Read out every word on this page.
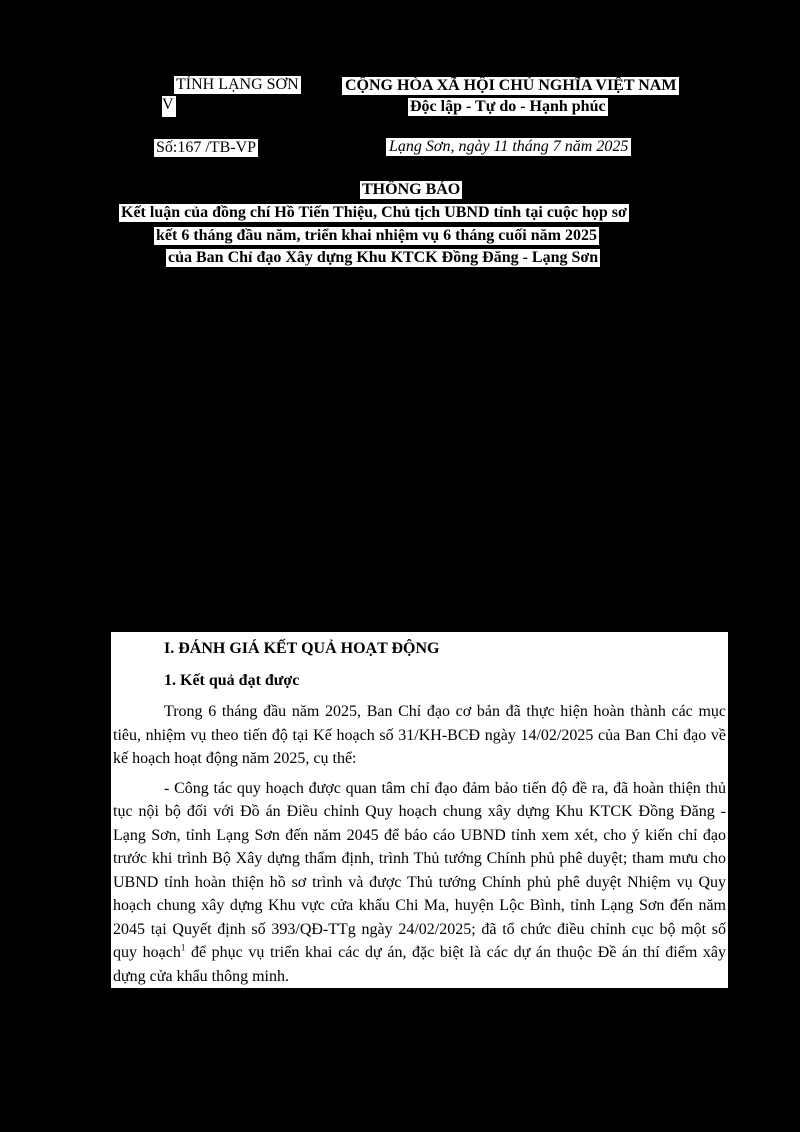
TỈNH LẠNG SƠN
V
CỘNG HÒA XÃ HỘI CHỦ NGHĨA VIỆT NAM
Độc lập - Tự do - Hạnh phúc
Số:167 /TB-VP	Lạng Sơn, ngày 11 tháng 7 năm 2025
THÔNG BÁO
Kết luận của đồng chí Hồ Tiến Thiệu, Chủ tịch UBND tỉnh tại cuộc họp sơ
kết 6 tháng đầu năm, triển khai nhiệm vụ 6 tháng cuối năm 2025
của Ban Chỉ đạo Xây dựng Khu KTCK Đồng Đăng - Lạng Sơn

I. ĐÁNH GIÁ KẾT QUẢ HOẠT ĐỘNG

1. Kết quả đạt được

Trong 6 tháng đầu năm 2025, Ban Chỉ đạo cơ bản đã thực hiện hoàn thành các mục tiêu, nhiệm vụ theo tiến độ tại Kế hoạch số 31/KH-BCĐ ngày 14/02/2025 của Ban Chỉ đạo về kế hoạch hoạt động năm 2025, cụ thể:

- Công tác quy hoạch được quan tâm chỉ đạo đảm bảo tiến độ đề ra, đã hoàn thiện thủ tục nội bộ đối với Đồ án Điều chỉnh Quy hoạch chung xây dựng Khu KTCK Đồng Đăng - Lạng Sơn, tỉnh Lạng Sơn đến năm 2045 để báo cáo UBND tỉnh xem xét, cho ý kiến chỉ đạo trước khi trình Bộ Xây dựng thẩm định, trình Thủ tướng Chính phủ phê duyệt; tham mưu cho UBND tỉnh hoàn thiện hồ sơ trình và được Thủ tướng Chính phủ phê duyệt Nhiệm vụ Quy hoạch chung xây dựng Khu vực cửa khẩu Chi Ma, huyện Lộc Bình, tỉnh Lạng Sơn đến năm 2045 tại Quyết định số 393/QĐ-TTg ngày 24/02/2025; đã tổ chức điều chỉnh cục bộ một số quy hoạch$^1$ để phục vụ triển khai các dự án, đặc biệt là các dự án thuộc Đề án thí điểm xây dựng cửa khẩu thông minh.
